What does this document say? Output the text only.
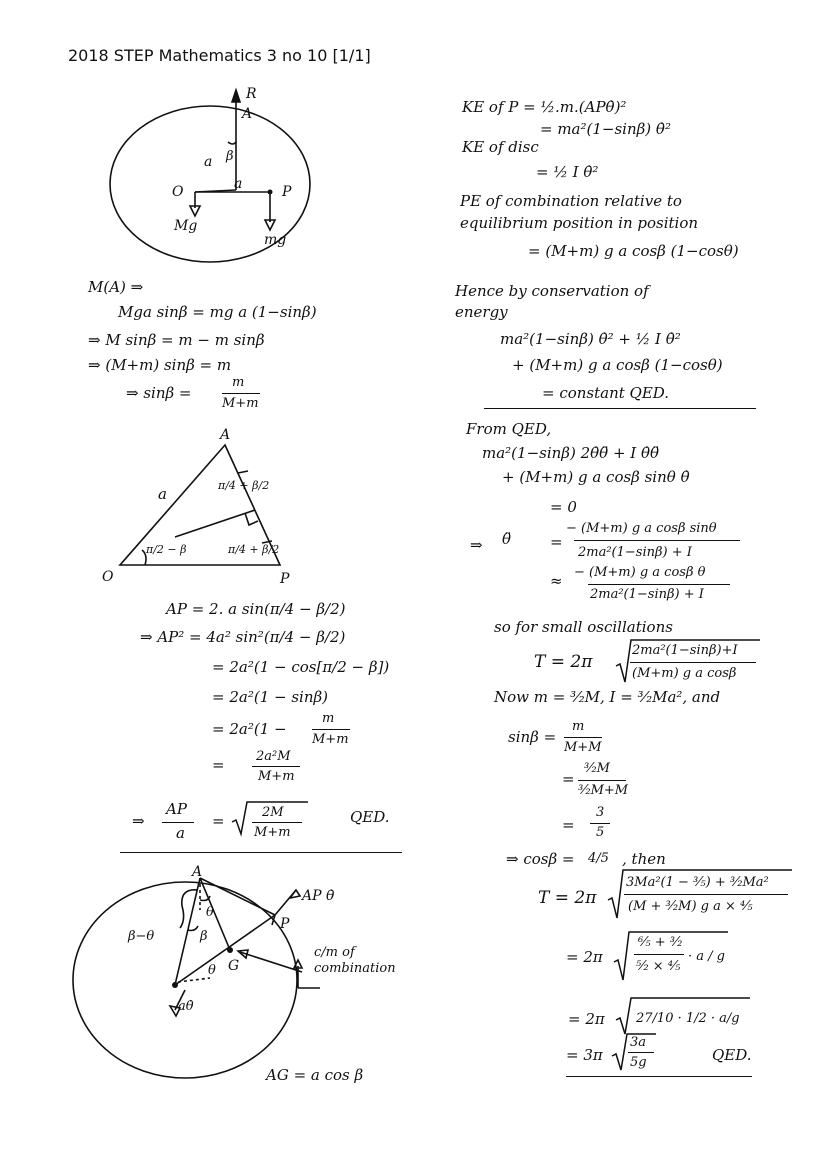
2018 STEP Mathematics 3 no 10 [1/1]
R
A
a β
O	a	P
Mg
mg
M(A) ⇒
Mga sinβ = mg a (1−sinβ)
⇒ M sinβ = m − m sinβ
⇒ (M+m) sinβ = m
⇒ sinβ =
m
M+m
A
a	π/4 + β/2
π/2 − β	π/4 + β/2
O	P
AP = 2. a sin(π/4 − β/2)
⇒ AP² = 4a² sin²(π/4 − β/2)
= 2a²(1 − cos[π/2 − β])
= 2a²(1 − sinβ)
= 2a²(1 −
m
M+m
= 2a²M
M+m
⇒
AP
a
=	2M
M+m
QED.
A
AP θ̇
P
θ
β
β−θ
G
θ
aθ̇
c/m of
combination
AG = a cos β
KE of P = ½.m.(APθ̇)²
= ma²(1−sinβ) θ̇²
KE of disc
= ½ I θ̇²
PE of combination relative to
equilibrium position in position
= (M+m) g a cosβ (1−cosθ)
Hence by conservation of
energy
ma²(1−sinβ) θ̇² + ½ I θ̇²
+ (M+m) g a cosβ (1−cosθ)
= constant QED.
From QED,
ma²(1−sinβ) 2θ̇θ̈ + I θ̇θ̈
+ (M+m) g a cosβ sinθ θ̇
= 0
⇒ θ̈	=
− (M+m) g a cosβ sinθ
2ma²(1−sinβ) + I
≈ − (M+m) g a cosβ θ
2ma²(1−sinβ) + I
so for small oscillations
T = 2π
2ma²(1−sinβ)+I
(M+m) g a cosβ
Now m = ³⁄₂M, I = ³⁄₂Ma², and
sinβ =
m
M+M
=
³⁄₂M
³⁄₂M+M
=
3
5
⇒ cosβ = 4/5 , then
T = 2π
3Ma²(1 − ³⁄₅) + ³⁄₂Ma²
(M + ³⁄₂M) g a × ⁴⁄₅
= 2π
⁶⁄₅ + ³⁄₂
⁵⁄₂ × ⁴⁄₅
· a / g
= 2π 27/10 · 1/2 · a/g
= 3π
3a
5g	QED.
